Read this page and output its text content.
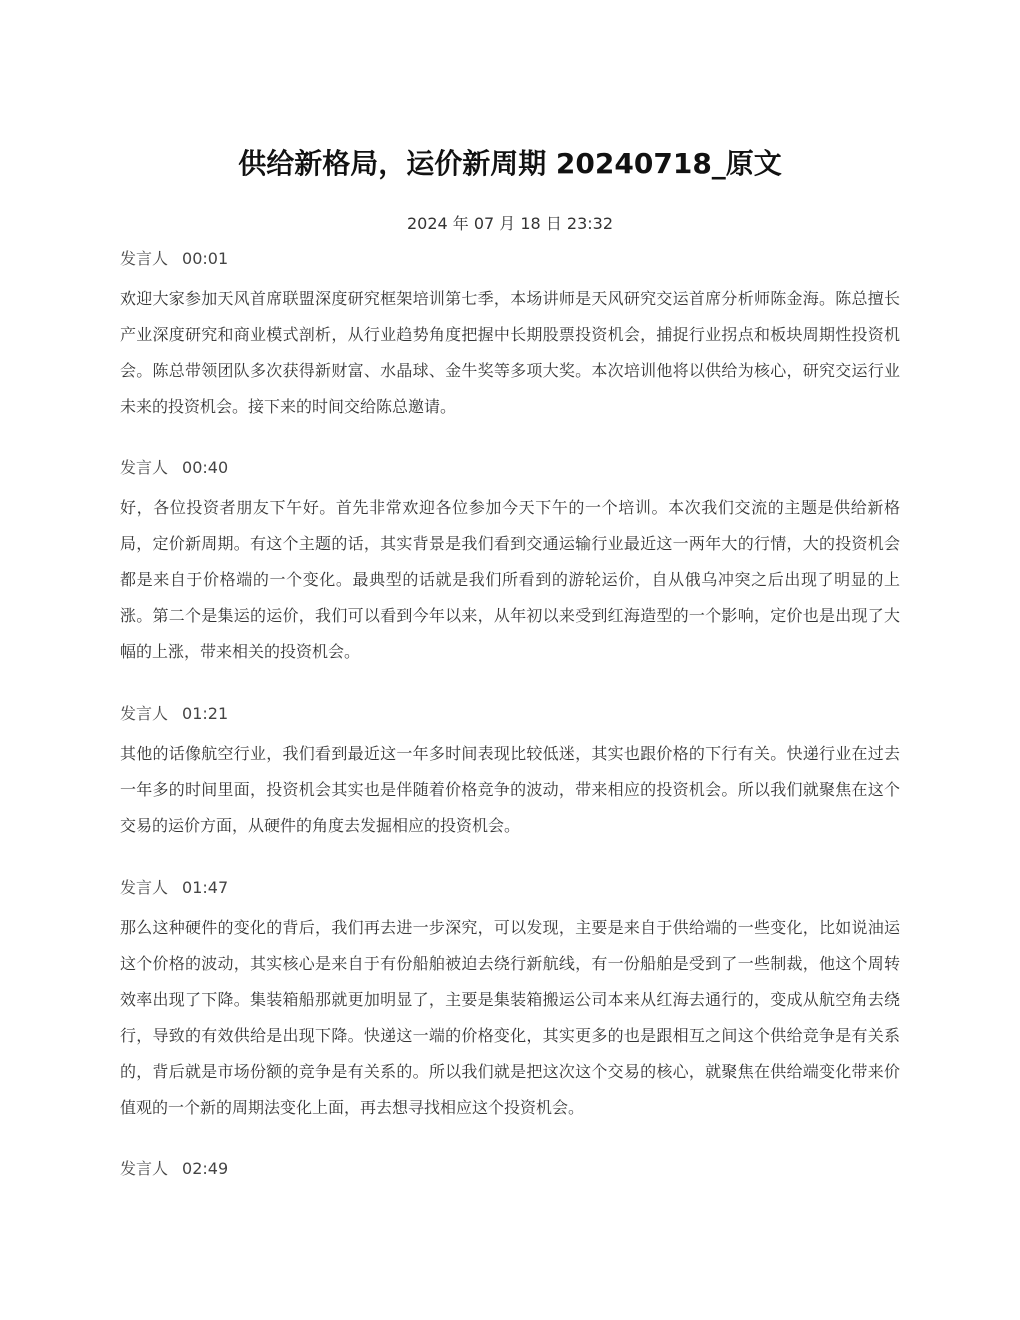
供给新格局，运价新周期 20240718_原文
2024 年 07 月 18 日 23:32
发言人 00:01
欢迎大家参加天风首席联盟深度研究框架培训第七季，本场讲师是天风研究交运首席分析师陈金海。陈总擅长产业深度研究和商业模式剖析，从行业趋势角度把握中长期股票投资机会，捕捉行业拐点和板块周期性投资机会。陈总带领团队多次获得新财富、水晶球、金牛奖等多项大奖。本次培训他将以供给为核心，研究交运行业未来的投资机会。接下来的时间交给陈总邀请。
发言人 00:40
好，各位投资者朋友下午好。首先非常欢迎各位参加今天下午的一个培训。本次我们交流的主题是供给新格局，定价新周期。有这个主题的话，其实背景是我们看到交通运输行业最近这一两年大的行情，大的投资机会都是来自于价格端的一个变化。最典型的话就是我们所看到的游轮运价，自从俄乌冲突之后出现了明显的上涨。第二个是集运的运价，我们可以看到今年以来，从年初以来受到红海造型的一个影响，定价也是出现了大幅的上涨，带来相关的投资机会。
发言人 01:21
其他的话像航空行业，我们看到最近这一年多时间表现比较低迷，其实也跟价格的下行有关。快递行业在过去一年多的时间里面，投资机会其实也是伴随着价格竞争的波动，带来相应的投资机会。所以我们就聚焦在这个交易的运价方面，从硬件的角度去发掘相应的投资机会。
发言人 01:47
那么这种硬件的变化的背后，我们再去进一步深究，可以发现，主要是来自于供给端的一些变化，比如说油运这个价格的波动，其实核心是来自于有份船舶被迫去绕行新航线，有一份船舶是受到了一些制裁，他这个周转效率出现了下降。集装箱船那就更加明显了，主要是集装箱搬运公司本来从红海去通行的，变成从航空角去绕行，导致的有效供给是出现下降。快递这一端的价格变化，其实更多的也是跟相互之间这个供给竞争是有关系的，背后就是市场份额的竞争是有关系的。所以我们就是把这次这个交易的核心，就聚焦在供给端变化带来价值观的一个新的周期法变化上面，再去想寻找相应这个投资机会。
发言人 02:49
